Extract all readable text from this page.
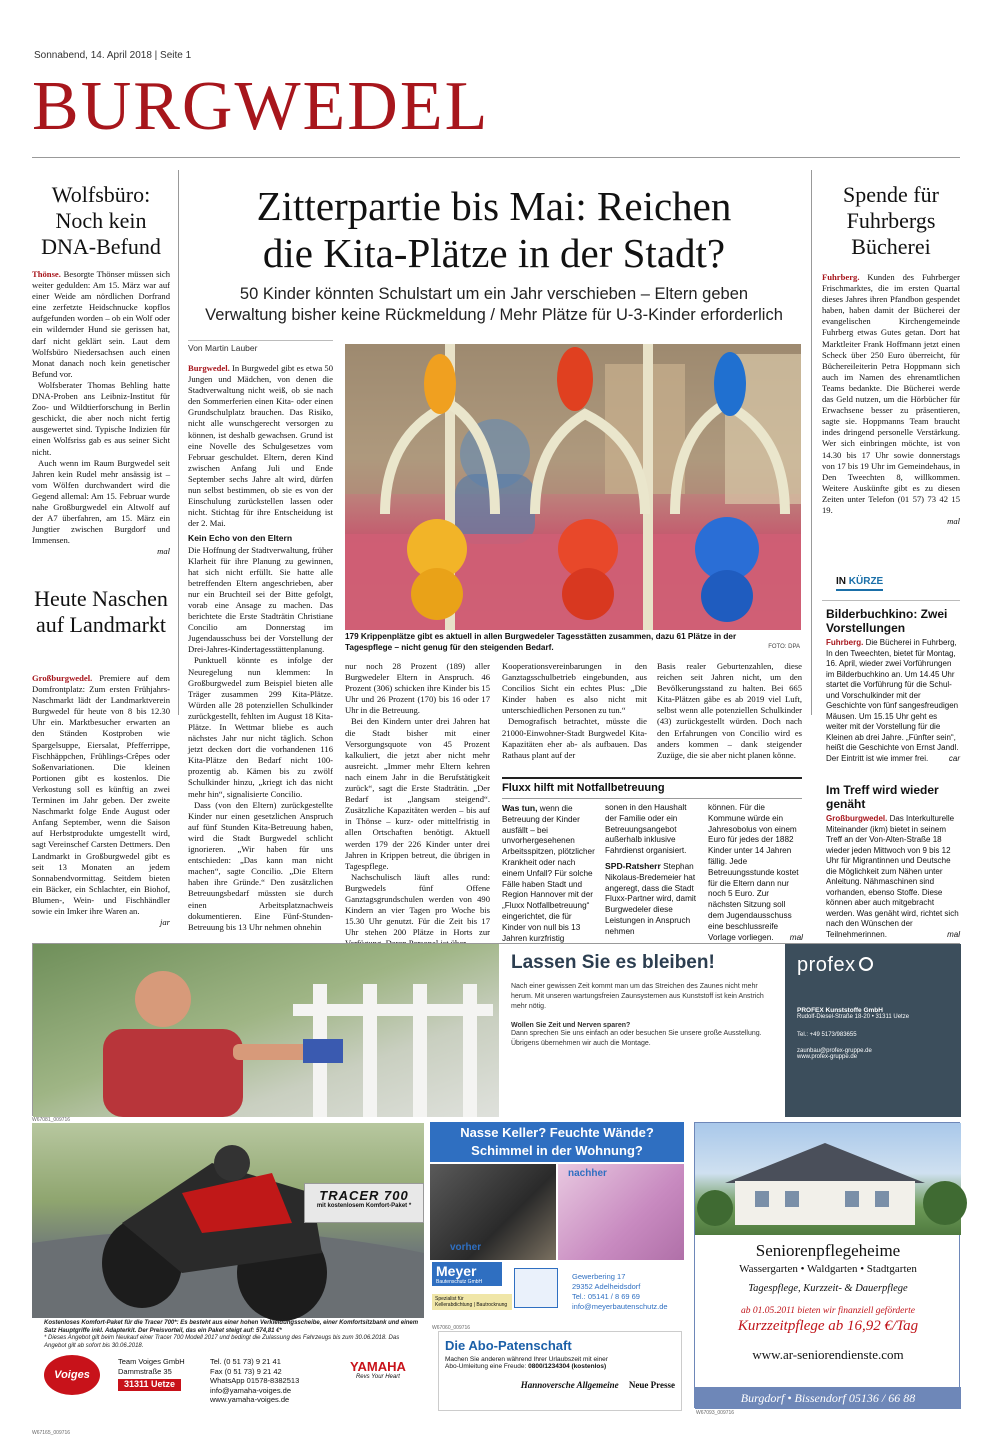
Sonnabend, 14. April 2018 | Seite 1
BURGWEDEL
Wolfsbüro: Noch kein DNA-Befund

Thönse. Besorgte Thönser müssen sich weiter gedulden: Am 15. März war auf einer Weide am nördlichen Dorfrand eine zerfetzte Heidschnucke kopflos aufgefunden worden – ob ein Wolf oder ein wildernder Hund sie gerissen hat, darf nicht geklärt sein. Laut dem Wolfsbüro Niedersachsen auch einen Monat danach noch kein genetischer Befund vor.

Wolfsberater Thomas Behling hatte DNA-Proben ans Leibniz-Institut für Zoo- und Wildtierforschung in Berlin geschickt, die aber noch nicht fertig ausgewertet sind. Typische Indizien für einen Wolfsriss gab es aus seiner Sicht nicht.

Auch wenn im Raum Burgwedel seit Jahren kein Rudel mehr ansässig ist – vom Wölfen durchwandert wird die Gegend allemal: Am 15. Februar wurde nahe Großburgwedel ein Altwolf auf der A7 überfahren, am 15. März ein Jungtier zwischen Burgdorf und Immensen.

mal

Heute Naschen auf Landmarkt

Großburgwedel. Premiere auf dem Domfrontplatz: Zum ersten Frühjahrs-Naschmarkt lädt der Landmarktverein Burgwedel für heute von 8 bis 12.30 Uhr ein. Marktbesucher erwarten an den Ständen Kostproben wie Spargelsuppe, Eiersalat, Pfefferrippe, Fischhäppchen, Frühlings-Crêpes oder Soßenvariationen. Die kleinen Portionen gibt es kostenlos. Die Verkostung soll es künftig an zwei Terminen im Jahr geben. Der zweite Naschmarkt folge Ende August oder Anfang September, wenn die Saison auf Herbstprodukte umgestellt wird, sagt Vereinschef Carsten Dettmers. Den Landmarkt in Großburgwedel gibt es seit 13 Monaten an jedem Sonnabendvormittag. Seitdem bieten ein Bäcker, ein Schlachter, ein Biohof, Blumen-, Wein- und Fischhändler sowie ein Imker ihre Waren an.

jar

Zitterpartie bis Mai: Reichen
die Kita-Plätze in der Stadt?
50 Kinder könnten Schulstart um ein Jahr verschieben – Eltern geben
Verwaltung bisher keine Rückmeldung / Mehr Plätze für U-3-Kinder erforderlich
Von Martin Lauber
179 Krippenplätze gibt es aktuell in allen Burgwedeler Tagesstätten zusammen, dazu 61 Plätze in der Tagespflege – nicht genug für den steigenden Bedarf.	FOTO: DPA

Burgwedel. In Burgwedel gibt es etwa 50 Jungen und Mädchen, von denen die Stadtverwaltung nicht weiß, ob sie nach den Sommerferien einen Kita- oder einen Grundschulplatz brauchen. Das Risiko, nicht alle wunschgerecht versorgen zu können, ist deshalb gewachsen. Grund ist eine Novelle des Schulgesetzes vom Februar geschuldet. Eltern, deren Kind zwischen Anfang Juli und Ende September sechs Jahre alt wird, dürfen nun selbst bestimmen, ob sie es von der Einschulung zurückstellen lassen oder nicht. Stichtag für ihre Entscheidung ist der 2. Mai.

Kein Echo von den Eltern

Die Hoffnung der Stadtverwaltung, früher Klarheit für ihre Planung zu gewinnen, hat sich nicht erfüllt. Sie hatte alle betreffenden Eltern angeschrieben, aber nur ein Bruchteil sei der Bitte gefolgt, vorab eine Ansage zu machen. Das berichtete die Erste Stadträtin Christiane Concilio am Donnerstag im Jugendausschuss bei der Vorstellung der Drei-Jahres-Kindertagesstättenplanung.

Punktuell könnte es infolge der Neuregelung nun klemmen: In Großburgwedel zum Beispiel bieten alle Träger zusammen 299 Kita-Plätze. Würden alle 28 potenziellen Schulkinder zurückgestellt, fehlten im August 18 Kita-Plätze. In Wettmar bliebe es auch nächstes Jahr nur nicht täglich. Schon jetzt decken dort die vorhandenen 116 Kita-Plätze den Bedarf nicht 100-prozentig ab. Kämen bis zu zwölf Schulkinder hinzu, „kriegt ich das nicht mehr hin“, signalisierte Concilio.

Dass (von den Eltern) zurückgestellte Kinder nur einen gesetzlichen Anspruch auf fünf Stunden Kita-Betreuung haben, wird die Stadt Burgwedel schlicht ignorieren. „Wir haben für uns entschieden: „Das kann man nicht machen“, sagte Concilio. „Die Eltern haben ihre Gründe.“ Den zusätzlichen Betreuungsbedarf müssten sie durch einen Arbeitsplatznachweis dokumentieren. Eine Fünf-Stunden-Betreuung bis 13 Uhr nehmen ohnehin

nur noch 28 Prozent (189) aller Burgwedeler Eltern in Anspruch. 46 Prozent (306) schicken ihre Kinder bis 15 Uhr und 26 Prozent (170) bis 16 oder 17 Uhr in die Betreuung.

Bei den Kindern unter drei Jahren hat die Stadt bisher mit einer Versorgungsquote von 45 Prozent kalkuliert, die jetzt aber nicht mehr ausreicht. „Immer mehr Eltern kehren nach einem Jahr in die Berufstätigkeit zurück“, sagt die Erste Stadträtin. „Der Bedarf ist „langsam steigend“. Zusätzliche Kapazitäten werden – bis auf in Thönse – kurz- oder mittelfristig in allen Ortschaften benötigt. Aktuell werden 179 der 226 Kinder unter drei Jahren in Krippen betreut, die übrigen in Tagespflege.

Nachschulisch läuft alles rund: Burgwedels fünf Offene Ganztagsgrundschulen werden von 490 Kindern an vier Tagen pro Woche bis 15.30 Uhr genutzt. Für die Zeit bis 17 Uhr stehen 200 Plätze in Horts zur

Kooperationsvereinbarungen in den Ganztagsschulbetrieb eingebunden, aus Concilios Sicht ein echtes Plus: „Die Kinder haben es also nicht mit unterschiedlichen Personen zu tun.“

Demografisch betrachtet, müsste die 21000-Einwohner-Stadt Burgwedel Kita-Kapazitäten eher ab- als aufbauen. Das Rathaus plant auf der

Basis realer Geburtenzahlen, diese reichen seit Jahren nicht, um den Bevölkerungsstand zu halten. Bei 665 Kita-Plätzen gäbe es ab 2019 viel Luft, selbst wenn alle potenziellen Schulkinder (43) zurückgestellt würden. Doch nach den Erfahrungen von Concilio wird es anders kommen – dank steigender Zuzüge, die sie aber nicht planen könne.

Fluxx hilft mit Notfallbetreuung
Was tun, wenn die Betreuung der Kinder ausfällt – bei unvorhergesehenen Arbeitsspitzen, plötzlicher Krankheit oder nach einem Unfall? Für solche Fälle haben Stadt und Region Hannover mit der „Fluxx Notfallbetreuung“ eingerichtet, die für Kinder von null bis 13 Jahren kurzfristig
sonen in den Haushalt der Familie oder ein Betreuungsangebot außerhalb inklusive Fahrdienst organisiert.
SPD-Ratsherr Stephan Nikolaus-Bredemeier hat angeregt, dass die Stadt Fluxx-Partner wird, damit Burgwedeler diese Leistungen in Anspruch nehmen
können. Für die Kommune würde ein Jahresobolus von einem Euro für jedes der 1882 Kinder unter 14 Jahren fällig. Jede Betreuungsstunde kostet für die Eltern dann nur noch 5 Euro. Zur nächsten Sitzung soll dem Jugendausschuss eine beschlussreife Vorlage vorliegen. mal
Spende für Fuhrbergs Bücherei

Fuhrberg. Kunden des Fuhrberger Frischmarktes, die im ersten Quartal dieses Jahres ihren Pfandbon gespendet haben, haben damit der Bücherei der evangelischen Kirchengemeinde Fuhrberg etwas Gutes getan. Dort hat Marktleiter Frank Hoffmann jetzt einen Scheck über 250 Euro überreicht, für Büchereileiterin Petra Hoppmann sich auch im Namen des ehrenamtlichen Teams bedankte. Die Bücherei werde das Geld nutzen, um die Hörbücher für Erwachsene besser zu präsentieren, sagte sie. Hoppmanns Team braucht indes dringend personelle Verstärkung. Wer sich einbringen möchte, ist von 14.30 bis 17 Uhr sowie donnerstags von 17 bis 19 Uhr im Gemeindehaus, in Den Tweechten 8, willkommen. Weitere Auskünfte gibt es zu diesen Zeiten unter Telefon (01 57) 73 42 15 19.

mal

IN KÜRZE
Bilderbuchkino: Zwei Vorstellungen
Fuhrberg. Die Bücherei in Fuhrberg, In den Tweechten, bietet für Montag, 16. April, wieder zwei Vorführungen im Bilderbuchkino an. Um 14.45 Uhr startet die Vorführung für die Schul- und Vorschulkinder mit der Geschichte von fünf sangesfreudigen Mäusen. Um 15.15 Uhr geht es weiter mit der Vorstellung für die Kleinen ab drei Jahre. „Fünfter sein“, heißt die Geschichte von Ernst Jandl. Der Eintritt ist wie immer frei.	car
Im Treff wird wieder genäht
Großburgwedel. Das Interkulturelle Miteinander (ikm) bietet in seinem Treff an der Von-Alten-Straße 18 wieder jeden Mittwoch von 9 bis 12 Uhr für Migrantinnen und Deutsche die Möglichkeit zum Nähen unter Anleitung. Nähmaschinen sind vorhanden, ebenso Stoffe. Diese können aber auch mitgebracht werden. Was genäht wird, richtet sich nach den Wünschen der Teilnehmerinnen.	mal
Lassen Sie es bleiben!
Nach einer gewissen Zeit kommt man um das Streichen des Zaunes nicht mehr herum. Mit unseren wartungsfreien Zaunsystemen aus Kunststoff ist kein Anstrich mehr nötig.
Wollen Sie Zeit und Nerven sparen?
Dann sprechen Sie uns einfach an oder besuchen Sie unsere große Ausstellung. Übrigens übernehmen wir auch die Montage.
profex
PROFEX Kunststoffe GmbH
Rudolf-Diesel-Straße 18-20 • 31311 Uetze
Tel.: +49 5173/983655
zaunbau@profex-gruppe.de
www.profex-gruppe.de
W67081_009716
TRACER 700
mit kostenlosem Komfort-Paket *
Kostenloses Komfort-Paket für die Tracer 700*: Es besteht aus einer hohen Verkleidungsscheibe, einer Komfortsitzbank und einem Satz Hauptgriffe inkl. Adapterkit. Der Preisvorteil, das ein Paket steigt auf: 574,81 €*
* Dieses Angebot gilt beim Neukauf einer Tracer 700 Modell 2017 und bedingt die Zulassung des Fahrzeugs bis zum 30.06.2018. Das Angebot gilt ab sofort bis 30.06.2018.
Voiges
Team Voiges GmbH
Dammstraße 35
31311 Uetze
Tel. (0 51 73) 9 21 41
Fax (0 51 73) 9 21 42
WhatsApp 01578-8382513
info@yamaha-voiges.de
www.yamaha-voiges.de
YAMAHA
Revs Your Heart
W67165_009716
Nasse Keller? Feuchte Wände?
Schimmel in der Wohnung?
nachher
vorher
Meyer
Bautenschutz GmbH
Spezialist für
Kellerabdichtung | Bautrocknung
Gewerbering 17
29352 Adelheidsdorf
Tel.: 05141 / 8 69 69
info@meyerbautenschutz.de
W67060_009716
Die Abo-Patenschaft
Machen Sie anderen während Ihrer Urlaubszeit mit einer
Abo-Umleitung eine Freude: 0800/1234304 (kostenlos)
Hannoversche Allgemeine Neue Presse
Seniorenpflegeheime
Wassergarten • Waldgarten • Stadtgarten
Tagespflege, Kurzzeit- & Dauerpflege
ab 01.05.2011 bieten wir finanziell geförderte
Kurzzeitpflege ab 16,92 €/Tag
www.ar-seniorendienste.com
Burgdorf • Bissendorf 05136 / 66 88
W67093_009716
